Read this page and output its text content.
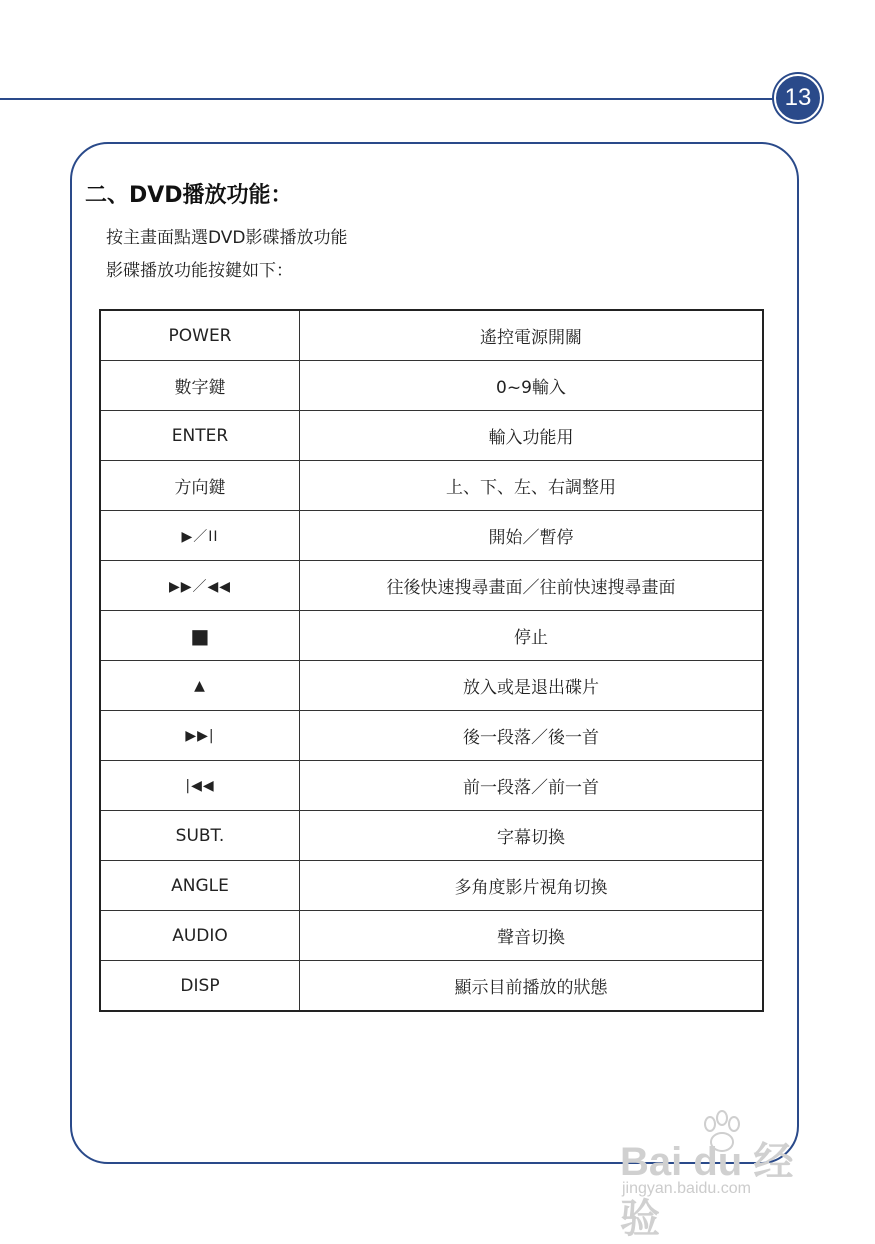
13
二、DVD播放功能：
按主畫面點選DVD影碟播放功能
影碟播放功能按鍵如下：
POWER	遙控電源開關
數字鍵	0~9輸入
ENTER	輸入功能用
方向鍵	上、下、左、右調整用
▶／II	開始／暫停
▶▶／◀◀	往後快速搜尋畫面／往前快速搜尋畫面
■	停止
▲	放入或是退出碟片
▶▶|	後一段落／後一首
|◀◀	前一段落／前一首
SUBT.	字幕切換
ANGLE	多角度影片視角切換
AUDIO	聲音切換
DISP	顯示目前播放的狀態
Bai du 经验
jingyan.baidu.com
